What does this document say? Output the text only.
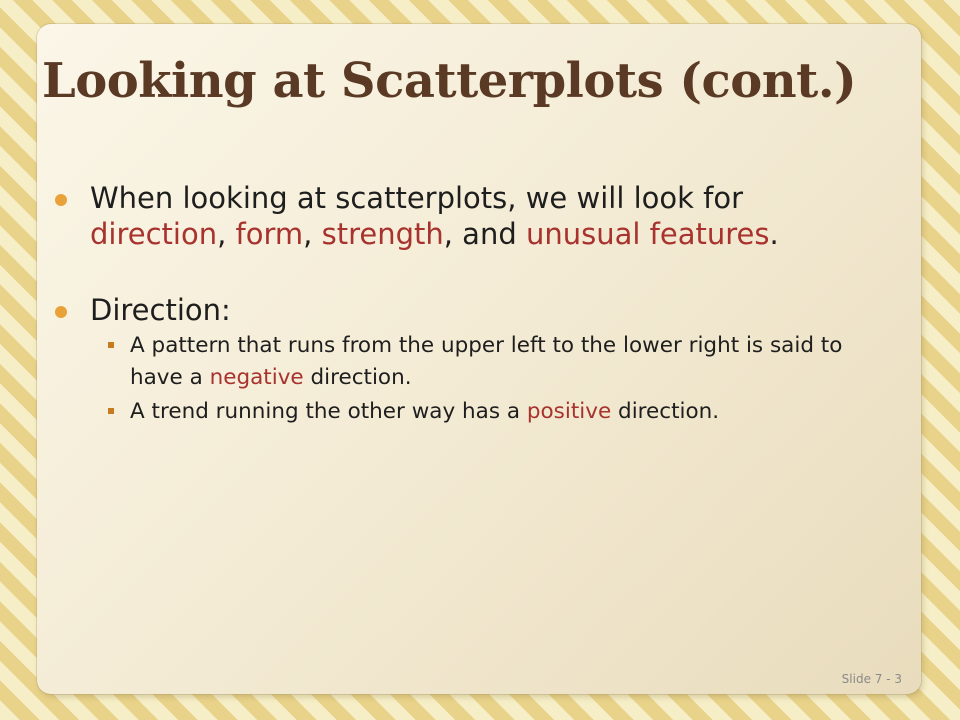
Looking at Scatterplots (cont.)
When looking at scatterplots, we will look for direction, form, strength, and unusual features.
Direction:
A pattern that runs from the upper left to the lower right is said to have a negative direction.
A trend running the other way has a positive direction.
Slide 7 - 3
